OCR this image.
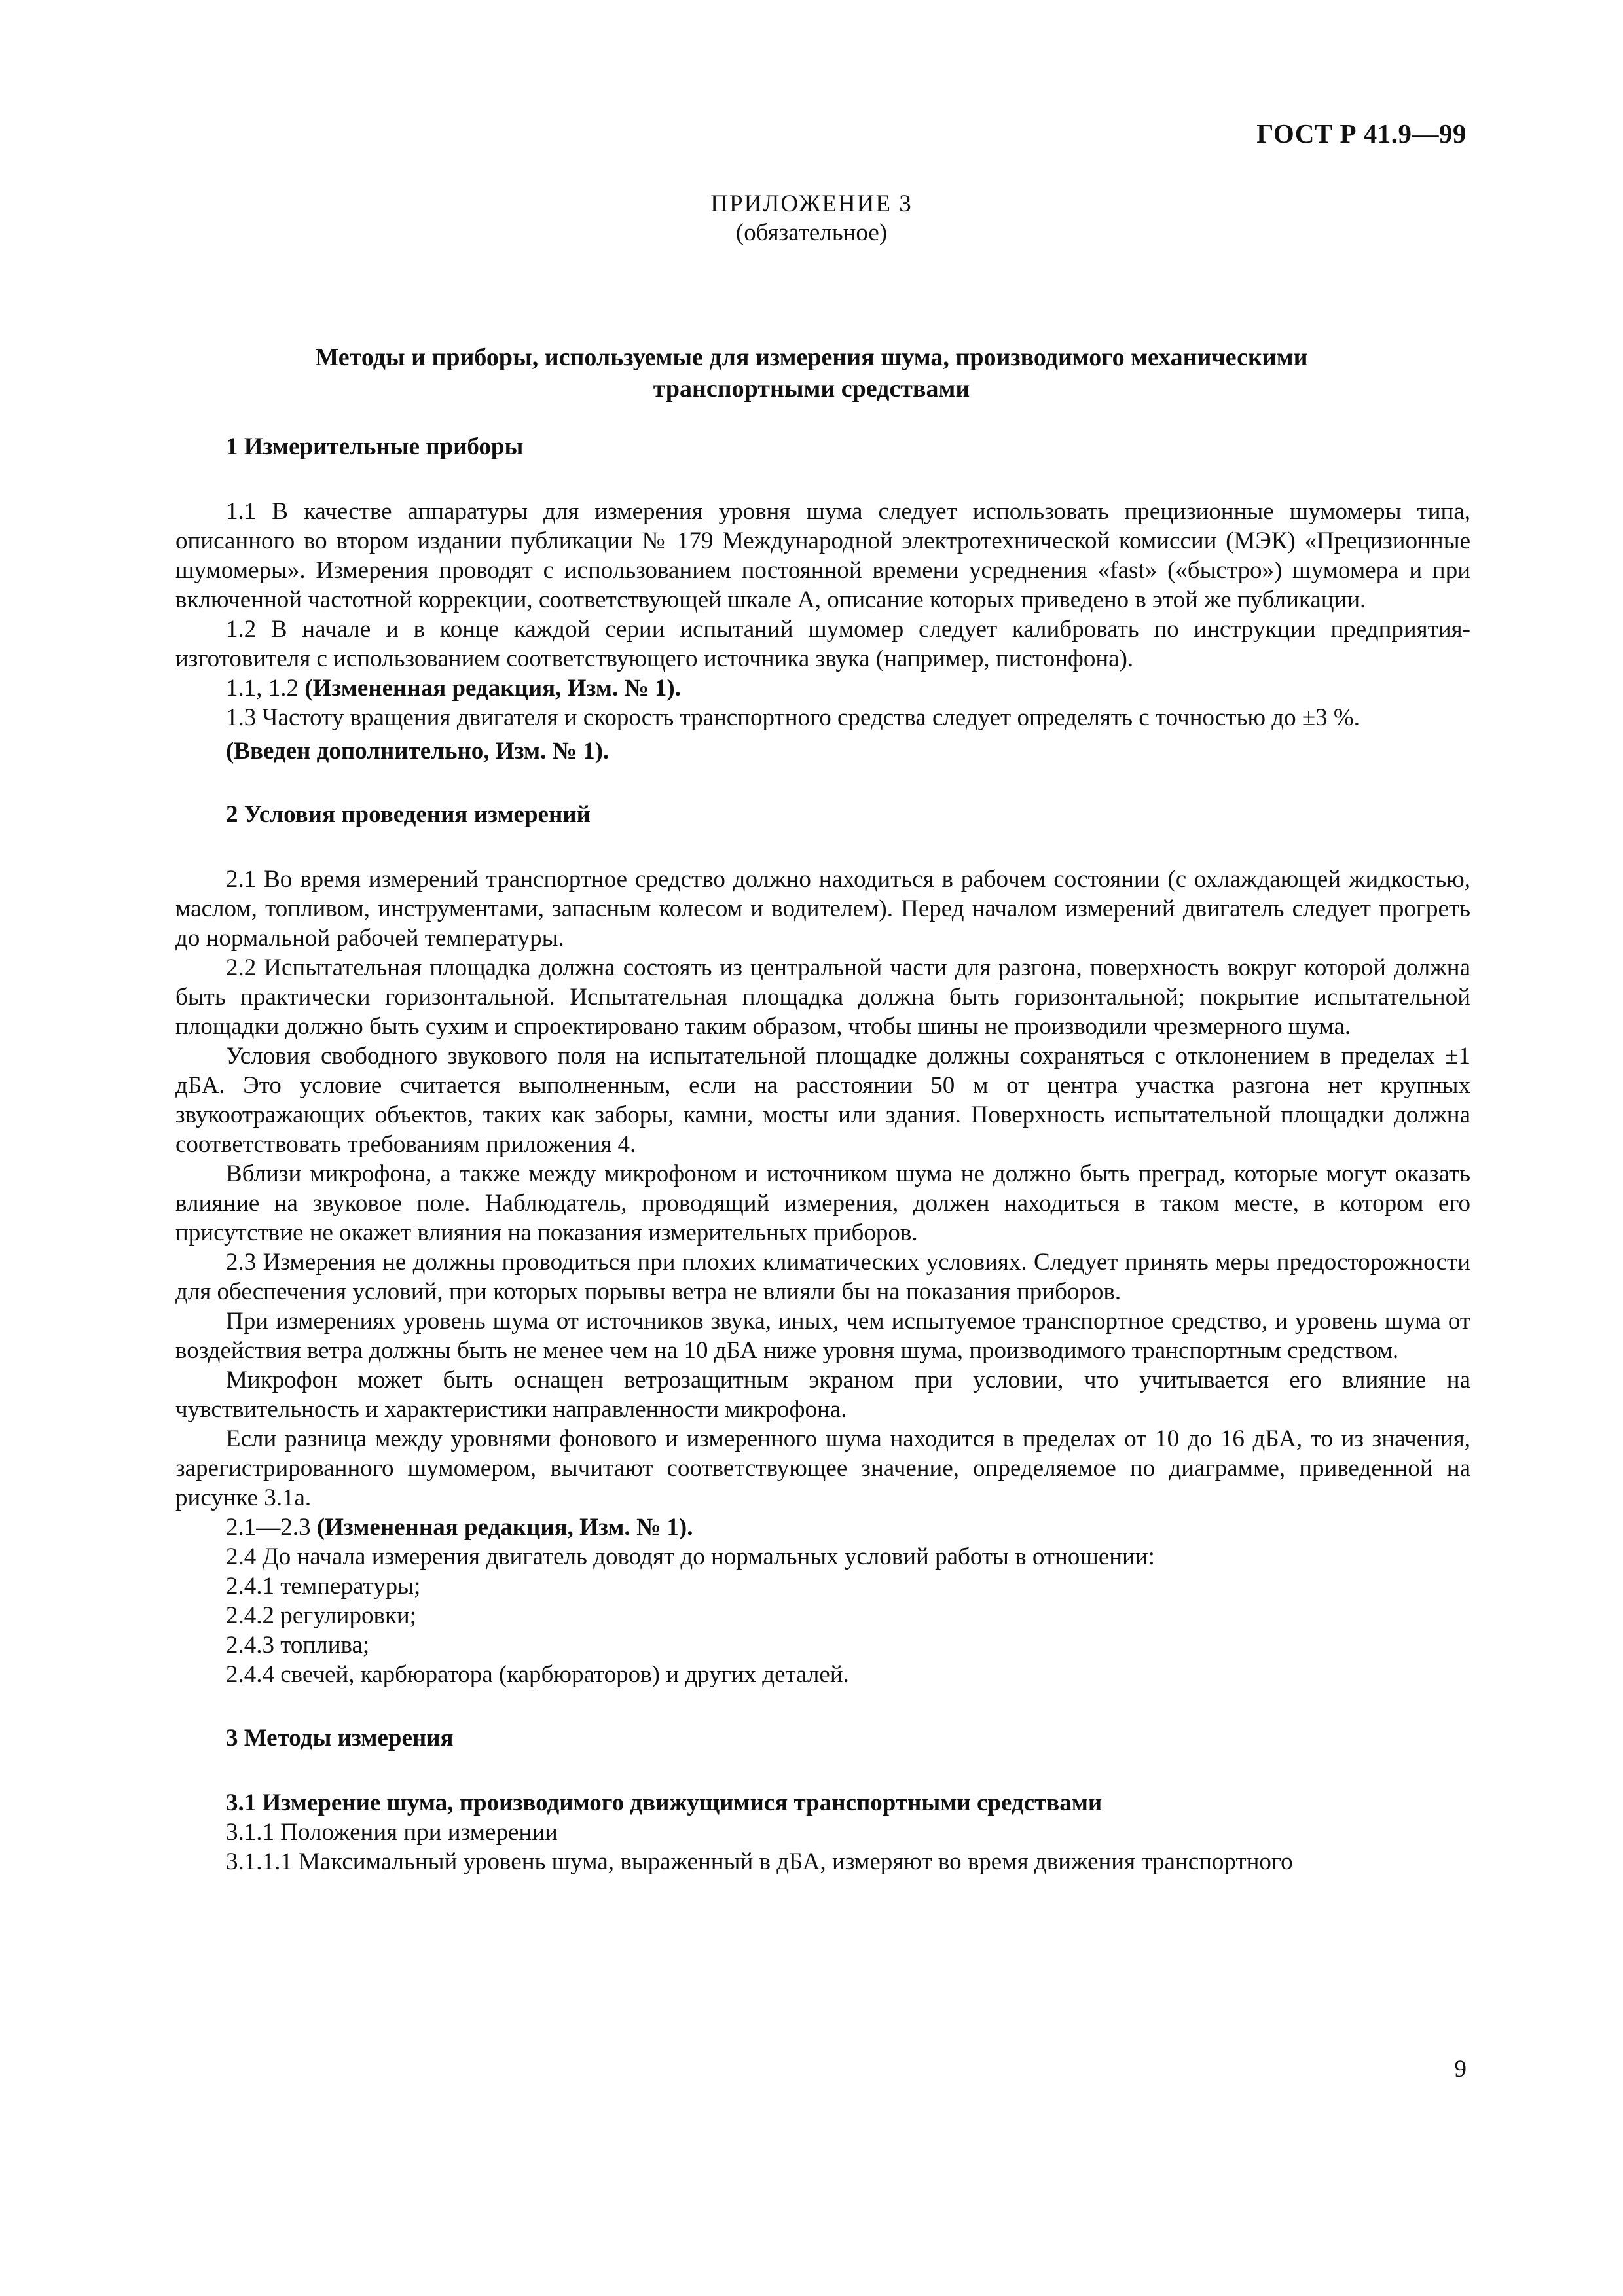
ГОСТ Р 41.9—99
ПРИЛОЖЕНИЕ 3
(обязательное)
Методы и приборы, используемые для измерения шума, производимого механическими
транспортными средствами

1 Измерительные приборы

1.1 В качестве аппаратуры для измерения уровня шума следует использовать прецизионные шумомеры типа, описанного во втором издании публикации № 179 Международной электротехнической комиссии (МЭК) «Прецизионные шумомеры». Измерения проводят с использованием постоянной времени усреднения «fast» («быстро») шумомера и при включенной частотной коррекции, соответствующей шкале А, описание которых приведено в этой же публикации.

1.2 В начале и в конце каждой серии испытаний шумомер следует калибровать по инструкции предприятия-изготовителя с использованием соответствующего источника звука (например, пистонфона).

1.1, 1.2 (Измененная редакция, Изм. № 1).

1.3 Частоту вращения двигателя и скорость транспортного средства следует определять с точностью до ±3 %.

(Введен дополнительно, Изм. № 1).

2 Условия проведения измерений

2.1 Во время измерений транспортное средство должно находиться в рабочем состоянии (с охлаждающей жидкостью, маслом, топливом, инструментами, запасным колесом и водителем). Перед началом измерений двигатель следует прогреть до нормальной рабочей температуры.

2.2 Испытательная площадка должна состоять из центральной части для разгона, поверхность вокруг которой должна быть практически горизонтальной. Испытательная площадка должна быть горизонтальной; покрытие испытательной площадки должно быть сухим и спроектировано таким образом, чтобы шины не производили чрезмерного шума.

Условия свободного звукового поля на испытательной площадке должны сохраняться с отклонением в пределах ±1 дБА. Это условие считается выполненным, если на расстоянии 50 м от центра участка разгона нет крупных звукоотражающих объектов, таких как заборы, камни, мосты или здания. Поверхность испытательной площадки должна соответствовать требованиям приложения 4.

Вблизи микрофона, а также между микрофоном и источником шума не должно быть преград, которые могут оказать влияние на звуковое поле. Наблюдатель, проводящий измерения, должен находиться в таком месте, в котором его присутствие не окажет влияния на показания измерительных приборов.

2.3 Измерения не должны проводиться при плохих климатических условиях. Следует принять меры предосторожности для обеспечения условий, при которых порывы ветра не влияли бы на показания приборов.

При измерениях уровень шума от источников звука, иных, чем испытуемое транспортное средство, и уровень шума от воздействия ветра должны быть не менее чем на 10 дБА ниже уровня шума, производимого транспортным средством.

Микрофон может быть оснащен ветрозащитным экраном при условии, что учитывается его влияние на чувствительность и характеристики направленности микрофона.

Если разница между уровнями фонового и измеренного шума находится в пределах от 10 до 16 дБА, то из значения, зарегистрированного шумомером, вычитают соответствующее значение, определяемое по диаграмме, приведенной на рисунке 3.1а.

2.1—2.3 (Измененная редакция, Изм. № 1).

2.4 До начала измерения двигатель доводят до нормальных условий работы в отношении:

2.4.1 температуры;

2.4.2 регулировки;

2.4.3 топлива;

2.4.4 свечей, карбюратора (карбюраторов) и других деталей.

3 Методы измерения

3.1 Измерение шума, производимого движущимися транспортными средствами

3.1.1 Положения при измерении

3.1.1.1 Максимальный уровень шума, выраженный в дБА, измеряют во время движения транспортного

9
